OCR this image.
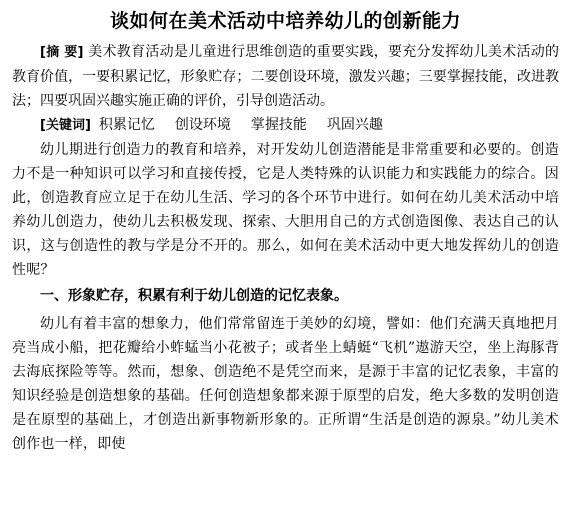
谈如何在美术活动中培养幼儿的创新能力

[摘 要] 美术教育活动是儿童进行思维创造的重要实践，要充分发挥幼儿美术活动的教育价值，一要积累记忆，形象贮存；二要创设环境，激发兴趣；三要掌握技能，改进教法；四要巩固兴趣实施正确的评价，引导创造活动。

[关键词] 积累记忆 创设环境 掌握技能 巩固兴趣

幼儿期进行创造力的教育和培养，对开发幼儿创造潜能是非常重要和必要的。创造力不是一种知识可以学习和直接传授，它是人类特殊的认识能力和实践能力的综合。因此，创造教育应立足于在幼儿生活、学习的各个环节中进行。如何在幼儿美术活动中培养幼儿创造力，使幼儿去积极发现、探索、大胆用自己的方式创造图像、表达自己的认识，这与创造性的教与学是分不开的。那么，如何在美术活动中更大地发挥幼儿的创造性呢？

一、形象贮存，积累有利于幼儿创造的记忆表象。

幼儿有着丰富的想象力，他们常常留连于美妙的幻境，譬如：他们充满天真地把月亮当成小船，把花瓣给小蚱蜢当小花被子；或者坐上蜻蜓“飞机”遨游天空，坐上海豚背去海底探险等等。然而，想象、创造绝不是凭空而来，是源于丰富的记忆表象，丰富的知识经验是创造想象的基础。任何创造想象都来源于原型的启发，绝大多数的发明创造是在原型的基础上，才创造出新事物新形象的。正所谓“生活是创造的源泉。”幼儿美术创作也一样，即使
